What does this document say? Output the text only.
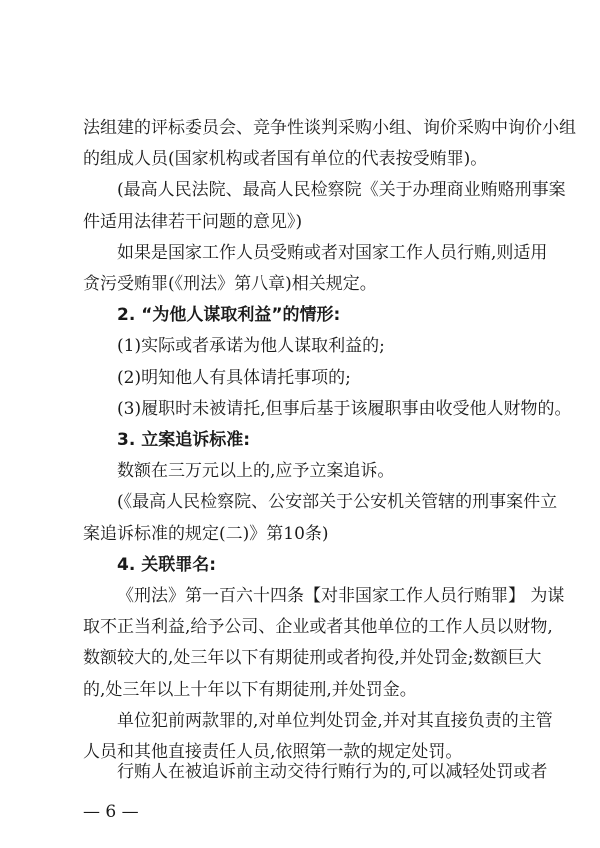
法组建的评标委员会、竞争性谈判采购小组、询价采购中询价小组
的组成人员(国家机构或者国有单位的代表按受贿罪)。
(最高人民法院、最高人民检察院《关于办理商业贿赂刑事案
件适用法律若干问题的意见》)
如果是国家工作人员受贿或者对国家工作人员行贿,则适用
贪污受贿罪(《刑法》第八章)相关规定。
2. “为他人谋取利益”的情形:
(1)实际或者承诺为他人谋取利益的;
(2)明知他人有具体请托事项的;
(3)履职时未被请托,但事后基于该履职事由收受他人财物的。
3. 立案追诉标准:
数额在三万元以上的,应予立案追诉。
(《最高人民检察院、公安部关于公安机关管辖的刑事案件立
案追诉标准的规定(二)》第10条)
4. 关联罪名:
《刑法》第一百六十四条【对非国家工作人员行贿罪】 为谋
取不正当利益,给予公司、企业或者其他单位的工作人员以财物,
数额较大的,处三年以下有期徒刑或者拘役,并处罚金;数额巨大
的,处三年以上十年以下有期徒刑,并处罚金。
单位犯前两款罪的,对单位判处罚金,并对其直接负责的主管
人员和其他直接责任人员,依照第一款的规定处罚。
行贿人在被追诉前主动交待行贿行为的,可以减轻处罚或者
— 6 —
